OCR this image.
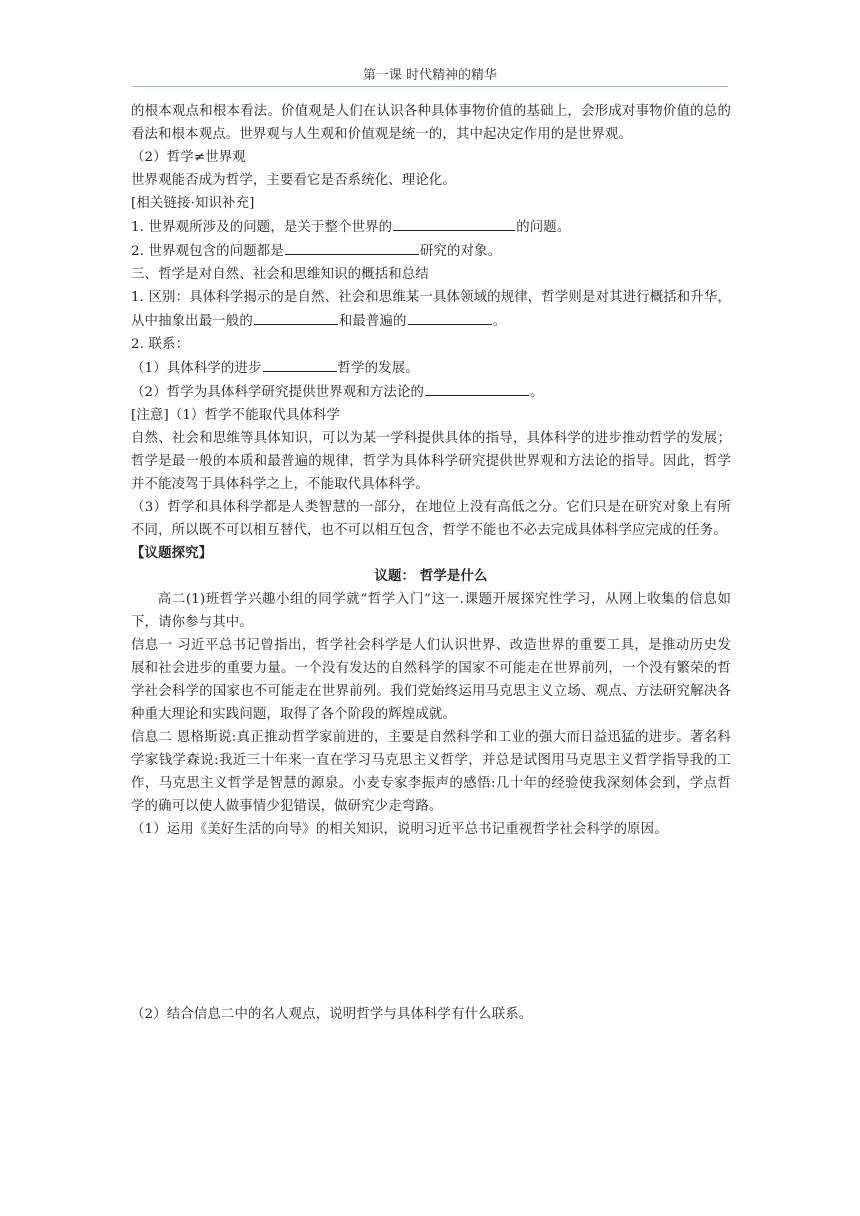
第一课 时代精神的精华

的根本观点和根本看法。价值观是人们在认识各种具体事物价值的基础上，会形成对事物价值的总的看法和根本观点。世界观与人生观和价值观是统一的，其中起决定作用的是世界观。

（2）哲学≠世界观

世界观能否成为哲学，主要看它是否系统化、理论化。

[相关链接·知识补充]

1. 世界观所涉及的问题，是关于整个世界的	的问题。

2. 世界观包含的问题都是	研究的对象。

三、哲学是对自然、社会和思维知识的概括和总结

1. 区别：具体科学揭示的是自然、社会和思维某一具体领域的规律，哲学则是对其进行概括和升华，从中抽象出最一般的	和最普遍的	。

2. 联系：

（1）具体科学的进步	哲学的发展。

（2）哲学为具体科学研究提供世界观和方法论的	。

[注意]（1）哲学不能取代具体科学

自然、社会和思维等具体知识，可以为某一学科提供具体的指导，具体科学的进步推动哲学的发展；哲学是最一般的本质和最普遍的规律，哲学为具体科学研究提供世界观和方法论的指导。因此，哲学并不能凌驾于具体科学之上，不能取代具体科学。

（3）哲学和具体科学都是人类智慧的一部分，在地位上没有高低之分。它们只是在研究对象上有所不同，所以既不可以相互替代，也不可以相互包含，哲学不能也不必去完成具体科学应完成的任务。

【议题探究】

议题： 哲学是什么

高二(1)班哲学兴趣小组的同学就“哲学入门”这一.课题开展探究性学习，从网上收集的信息如下，请你参与其中。

信息一 习近平总书记曾指出，哲学社会科学是人们认识世界、改造世界的重要工具，是推动历史发展和社会进步的重要力量。一个没有发达的自然科学的国家不可能走在世界前列，一个没有繁荣的哲学社会科学的国家也不可能走在世界前列。我们党始终运用马克思主义立场、观点、方法研究解决各种重大理论和实践问题，取得了各个阶段的辉煌成就。

信息二 恩格斯说:真正推动哲学家前进的，主要是自然科学和工业的强大而日益迅猛的进步。著名科学家钱学森说:我近三十年来一直在学习马克思主义哲学，并总是试图用马克思主义哲学指导我的工作，马克思主义哲学是智慧的源泉。小麦专家李振声的感悟:几十年的经验使我深刻体会到，学点哲学的确可以使人做事情少犯错误，做研究少走弯路。

（1）运用《美好生活的向导》的相关知识，说明习近平总书记重视哲学社会科学的原因。

（2）结合信息二中的名人观点，说明哲学与具体科学有什么联系。
